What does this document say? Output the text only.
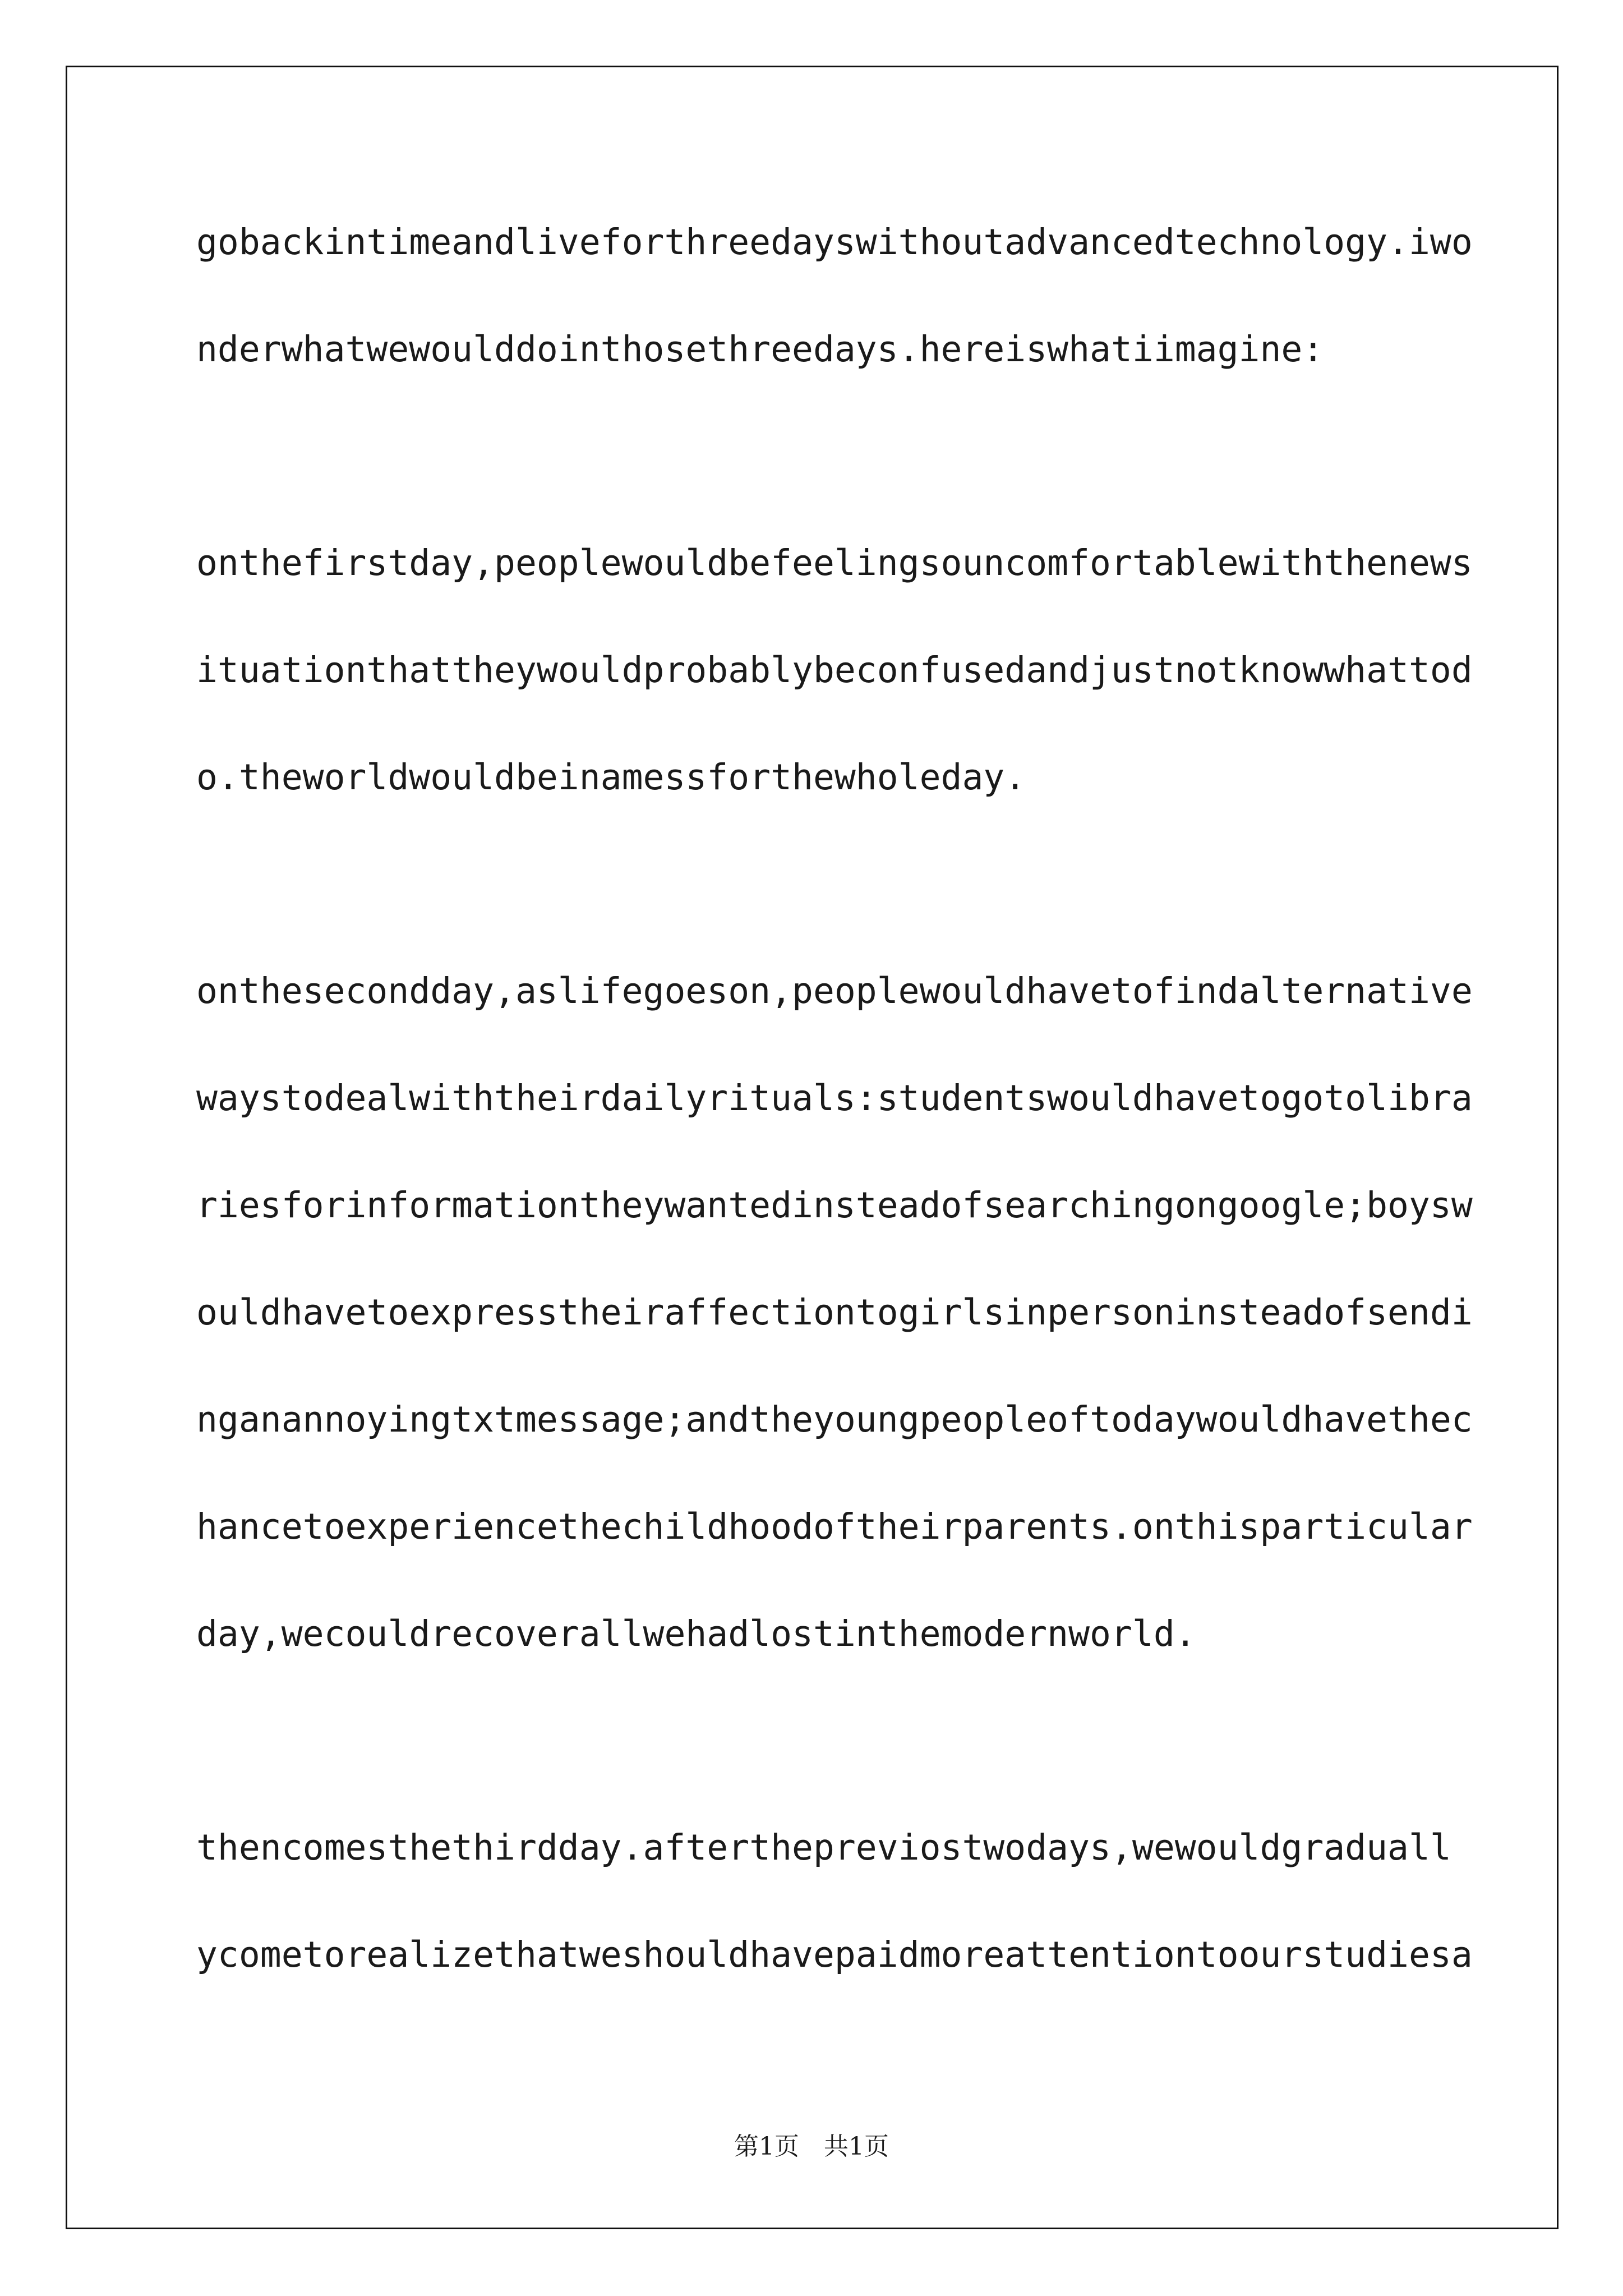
gobackintimeandliveforthreedayswithoutadvancedtechnology.iwo

nderwhatwewoulddointhosethreedays.hereiswhatiimagine:

onthefirstday,peoplewouldbefeelingsouncomfortablewiththenews

ituationthattheywouldprobablybeconfusedandjustnotknowwhattod

o.theworldwouldbeinamessforthewholeday.

onthesecondday,aslifegoeson,peoplewouldhavetofindalternative

waystodealwiththeirdailyrituals:studentswouldhavetogotolibra

riesforinformationtheywantedinsteadofsearchingongoogle;boysw

ouldhavetoexpresstheiraffectiontogirlsinpersoninsteadofsendi

nganannoyingtxtmessage;andtheyoungpeopleoftodaywouldhavethec

hancetoexperiencethechildhoodoftheirparents.onthisparticular

day,wecouldrecoverallwehadlostinthemodernworld.

thencomesthethirdday.afterthepreviostwodays,wewouldgraduall

ycometorealizethatweshouldhavepaidmoreattentiontoourstudiesa

第1页　共1页
